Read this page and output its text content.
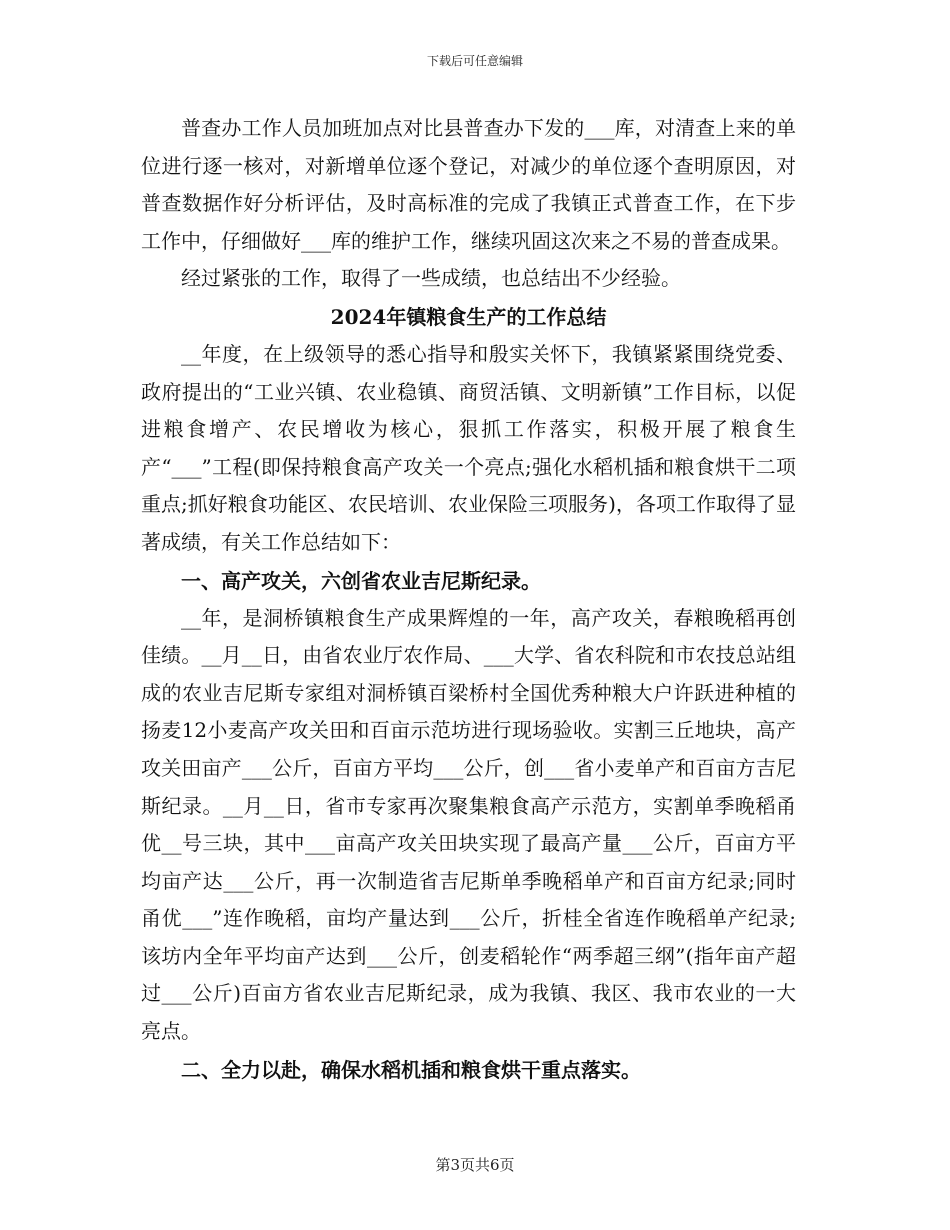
下载后可任意编辑

普查办工作人员加班加点对比县普查办下发的___库，对清查上来的单位进行逐一核对，对新增单位逐个登记，对减少的单位逐个查明原因，对普查数据作好分析评估，及时高标准的完成了我镇正式普查工作，在下步工作中，仔细做好___库的维护工作，继续巩固这次来之不易的普查成果。

经过紧张的工作，取得了一些成绩，也总结出不少经验。

2024年镇粮食生产的工作总结

__年度，在上级领导的悉心指导和殷实关怀下，我镇紧紧围绕党委、政府提出的“工业兴镇、农业稳镇、商贸活镇、文明新镇”工作目标，以促进粮食增产、农民增收为核心，狠抓工作落实，积极开展了粮食生产“___”工程(即保持粮食高产攻关一个亮点;强化水稻机插和粮食烘干二项重点;抓好粮食功能区、农民培训、农业保险三项服务)，各项工作取得了显著成绩，有关工作总结如下：

一、高产攻关，六创省农业吉尼斯纪录。

__年，是洞桥镇粮食生产成果辉煌的一年，高产攻关，春粮晚稻再创佳绩。__月__日，由省农业厅农作局、___大学、省农科院和市农技总站组成的农业吉尼斯专家组对洞桥镇百梁桥村全国优秀种粮大户许跃进种植的扬麦12小麦高产攻关田和百亩示范坊进行现场验收。实割三丘地块，高产攻关田亩产___公斤，百亩方平均___公斤，创___省小麦单产和百亩方吉尼斯纪录。__月__日，省市专家再次聚集粮食高产示范方，实割单季晚稻甬优__号三块，其中___亩高产攻关田块实现了最高产量___公斤，百亩方平均亩产达___公斤，再一次制造省吉尼斯单季晚稻单产和百亩方纪录;同时甬优___”连作晚稻，亩均产量达到___公斤，折桂全省连作晚稻单产纪录;该坊内全年平均亩产达到___公斤，创麦稻轮作“两季超三纲”(指年亩产超过___公斤)百亩方省农业吉尼斯纪录，成为我镇、我区、我市农业的一大亮点。

二、全力以赴，确保水稻机插和粮食烘干重点落实。
第3页共6页
